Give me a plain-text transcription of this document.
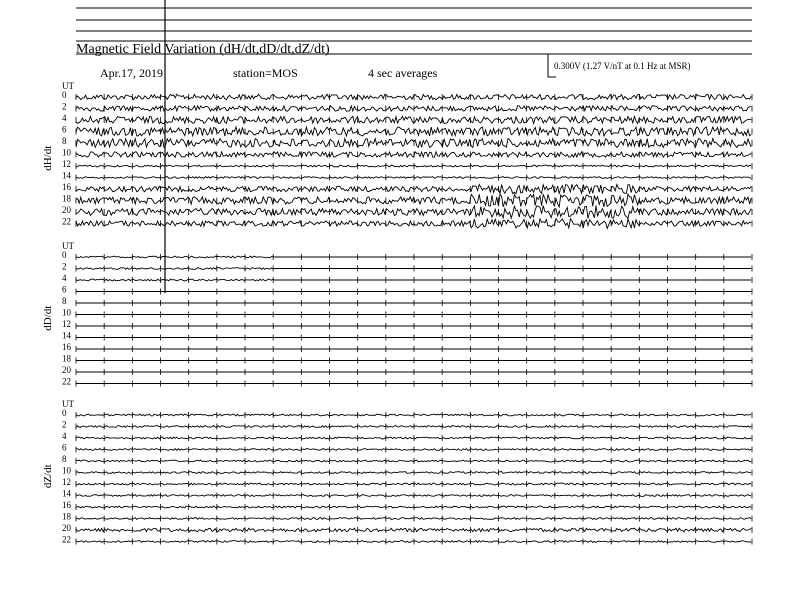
Magnetic Field Variation (dH/dt,dD/dt,dZ/dt)
Apr.17, 2019	station=MOS	4 sec averages	0.300V (1.27 V/nT at 0.1 Hz at MSR)
UT
dH/dt
0
2
4
6
8
10
12
14
16
18
20
22
UT
dD/dt
0
2
4
6
8
10
12
14
16
18
20
22
UT
dZ/dt
0
2
4
6
8
10
12
14
16
18
20
22
